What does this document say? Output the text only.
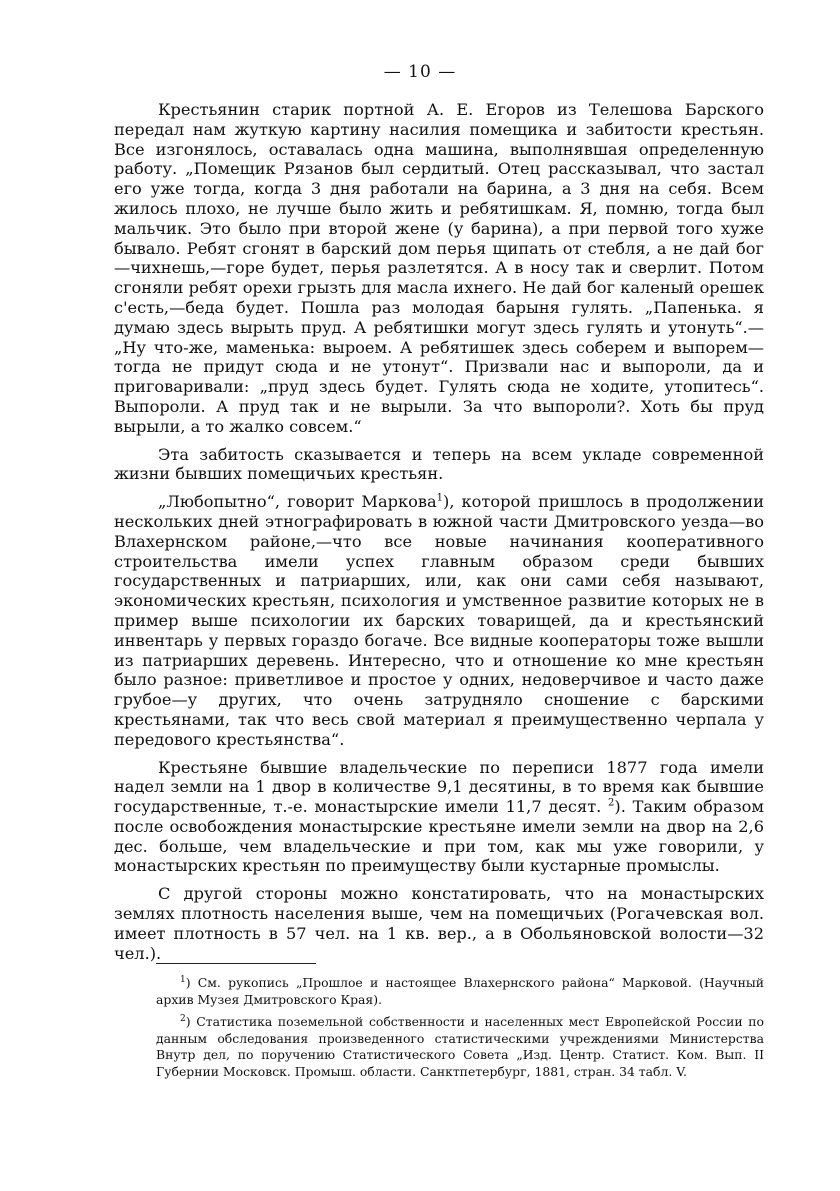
— 10 —

Крестьянин старик портной А. Е. Егоров из Телешова Барского передал нам жуткую картину насилия помещика и забитости крестьян. Все изгонялось, оставалась одна машина, выполнявшая определенную работу. „Помещик Рязанов был сердитый. Отец рассказывал, что застал его уже тогда, когда 3 дня работали на барина, а 3 дня на себя. Всем жилось плохо, не лучше было жить и ребятишкам. Я, помню, тогда был мальчик. Это было при второй жене (у барина), а при первой того хуже бывало. Ребят сгонят в барский дом перья щипать от стебля, а не дай бог—чихнешь,—горе будет, перья разлетятся. А в носу так и сверлит. Потом сгоняли ребят орехи грызть для масла ихнего. Не дай бог каленый орешек с'есть,—беда будет. Пошла раз молодая барыня гулять. „Папенька. я думаю здесь вырыть пруд. А ребятишки могут здесь гулять и утонуть“.— „Ну что-же, маменька: выроем. А ребятишек здесь соберем и выпорем—тогда не придут сюда и не утонут“. Призвали нас и выпороли, да и приговаривали: „пруд здесь будет. Гулять сюда не ходите, утопитесь“. Выпороли. А пруд так и не вырыли. За что выпороли?. Хоть бы пруд вырыли, а то жалко совсем.“

Эта забитость сказывается и теперь на всем укладе современной жизни бывших помещичьих крестьян.

„Любопытно“, говорит Маркова$^1$), которой пришлось в продолжении нескольких дней этнографировать в южной части Дмитровского уезда—во Влахернском районе,—что все новые начинания кооперативного строительства имели успех главным образом среди бывших государственных и патриарших, или, как они сами себя называют, экономических крестьян, психология и умственное развитие которых не в пример выше психологии их барских товарищей, да и крестьянский инвентарь у первых гораздо богаче. Все видные кооператоры тоже вышли из патриарших деревень. Интересно, что и отношение ко мне крестьян было разное: приветливое и простое у одних, недоверчивое и часто даже грубое—у других, что очень затрудняло сношение с барскими крестьянами, так что весь свой материал я преимущественно черпала у передового крестьянства“.

Крестьяне бывшие владельческие по переписи 1877 года имели надел земли на 1 двор в количестве 9,1 десятины, в то время как бывшие государственные, т.-е. монастырские имели 11,7 десят. $^2$). Таким образом после освобождения монастырские крестьяне имели земли на двор на 2,6 дес. больше, чем владельческие и при том, как мы уже говорили, у монастырских крестьян по преимуществу были кустарные промыслы.

С другой стороны можно констатировать, что на монастырских землях плотность населения выше, чем на помещичьих (Рогачевская вол. имеет плотность в 57 чел. на 1 кв. вер., а в Обольяновской волости—32 чел.).

$^1$) См. рукопись „Прошлое и настоящее Влахернского района“ Марковой. (Научный архив Музея Дмитровского Края).

$^2$) Статистика поземельной собственности и населенных мест Европейской России по данным обследования произведенного статистическими учреждениями Министерства Внутр дел, по поручению Статистического Совета „Изд. Центр. Статист. Ком. Вып. II Губернии Московск. Промыш. области. Санктпетербург, 1881, стран. 34 табл. V.
